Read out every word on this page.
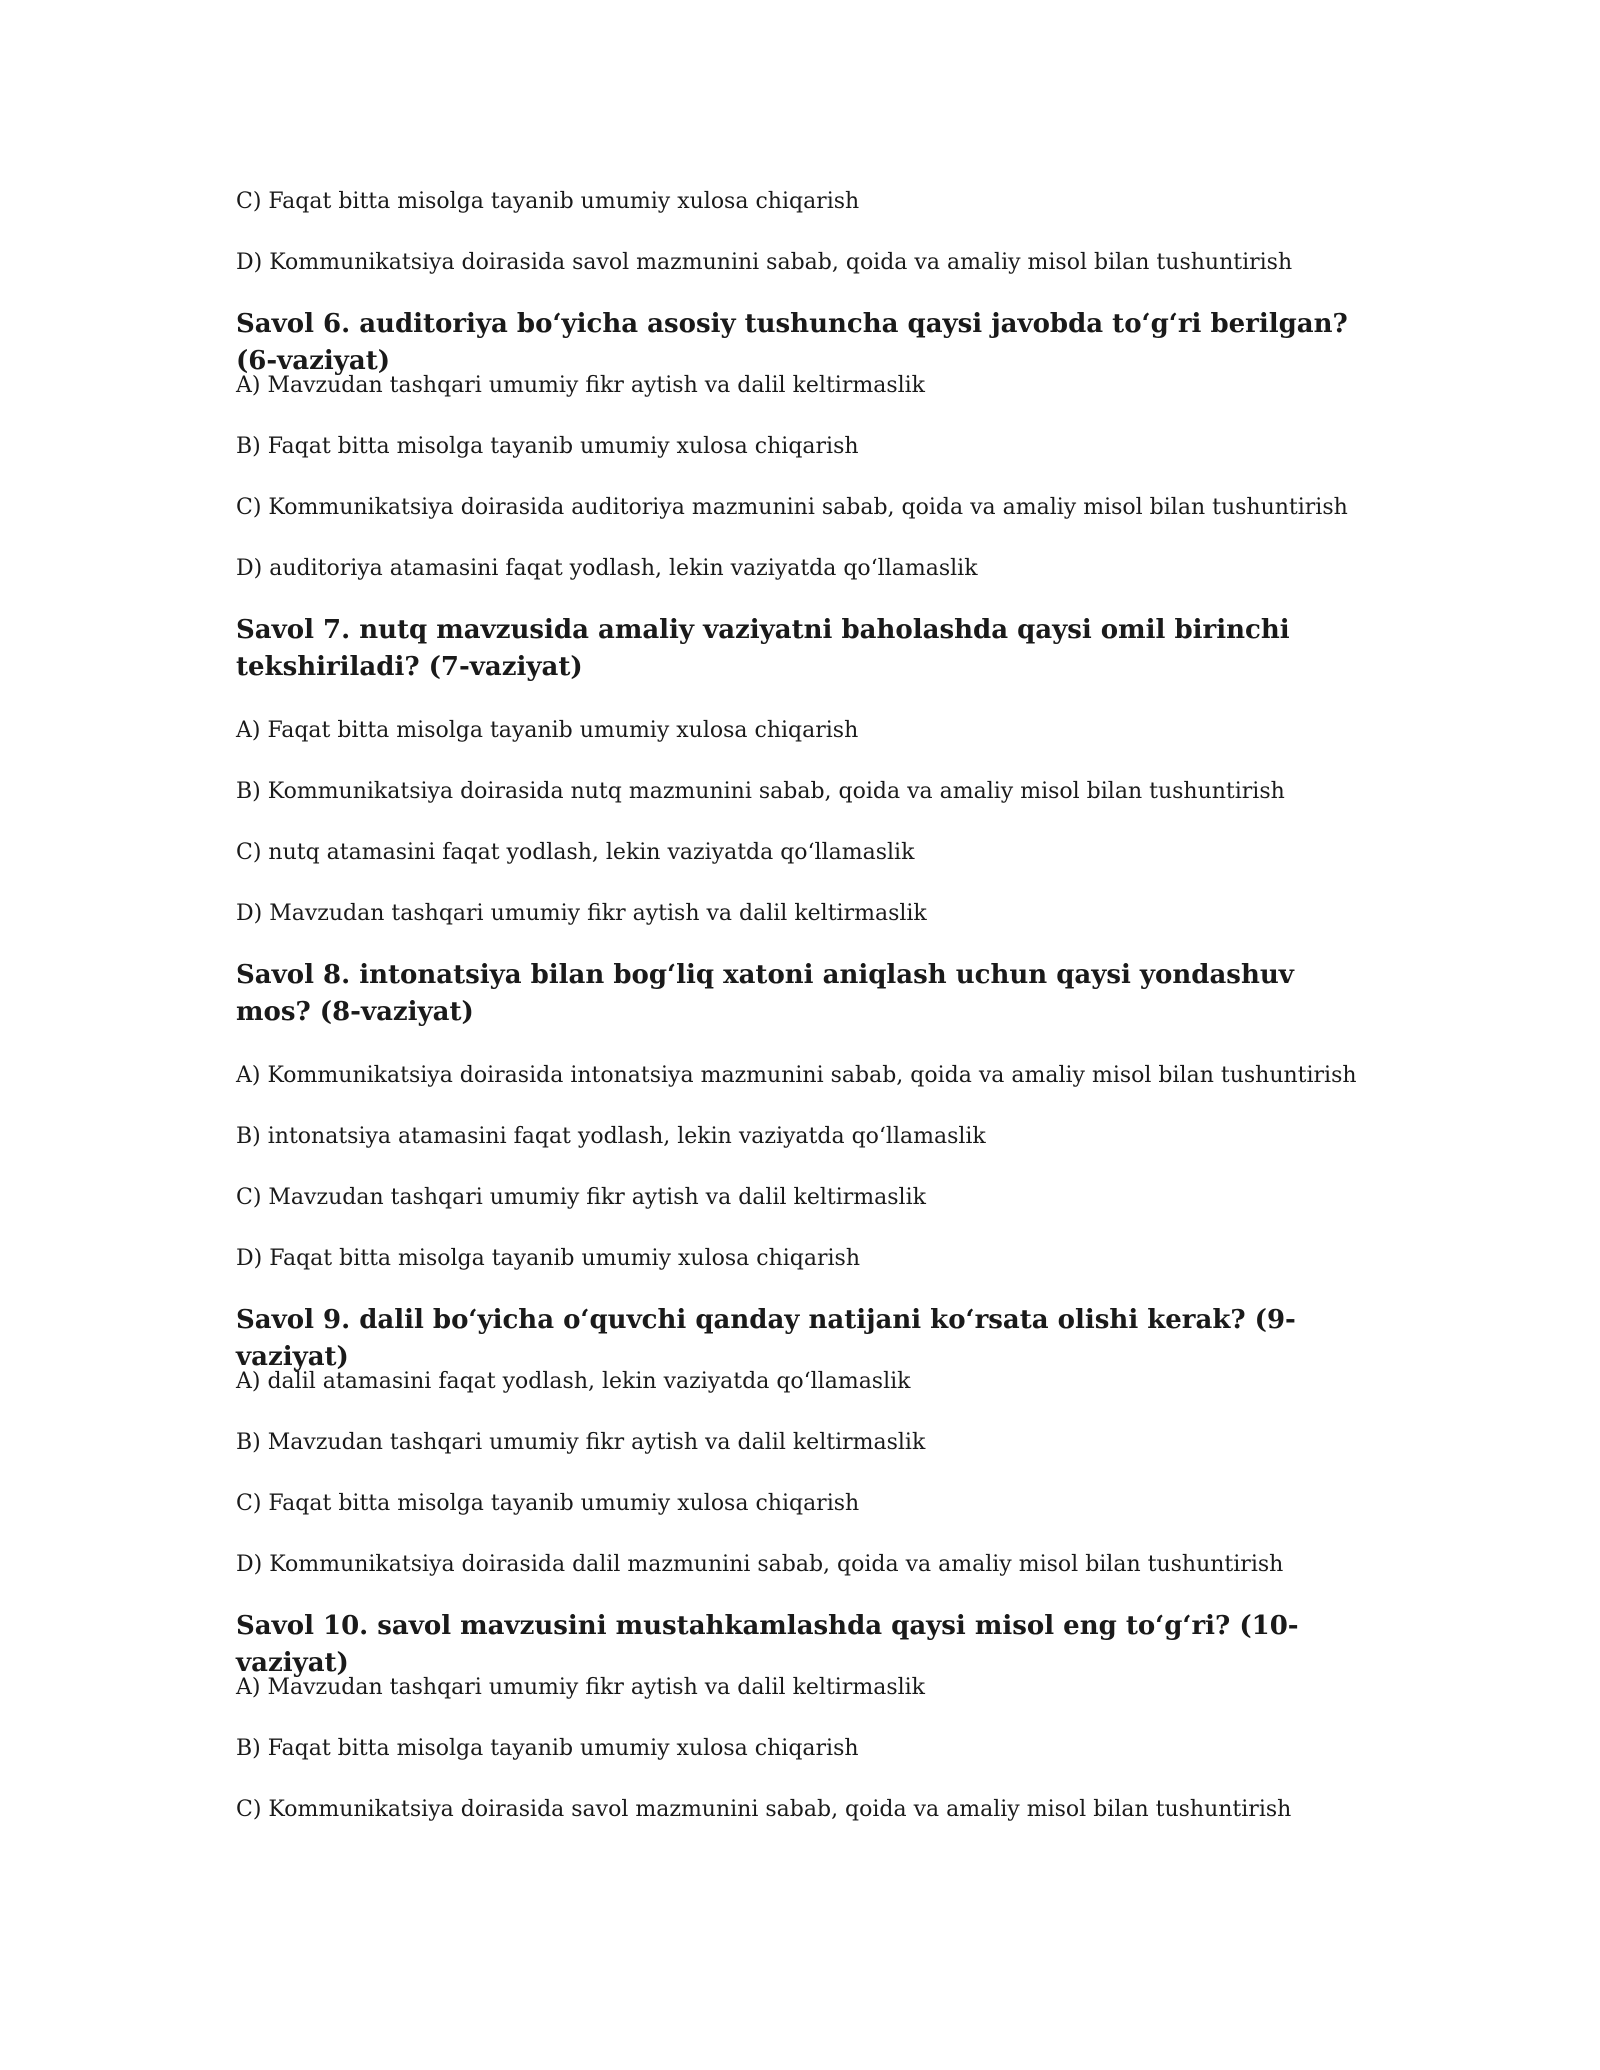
C) Faqat bitta misolga tayanib umumiy xulosa chiqarish
D) Kommunikatsiya doirasida savol mazmunini sabab, qoida va amaliy misol bilan tushuntirish
Savol 6. auditoriya bo‘yicha asosiy tushuncha qaysi javobda to‘g‘ri berilgan? (6-vaziyat)
A) Mavzudan tashqari umumiy fikr aytish va dalil keltirmaslik
B) Faqat bitta misolga tayanib umumiy xulosa chiqarish
C) Kommunikatsiya doirasida auditoriya mazmunini sabab, qoida va amaliy misol bilan tushuntirish
D) auditoriya atamasini faqat yodlash, lekin vaziyatda qo‘llamaslik
Savol 7. nutq mavzusida amaliy vaziyatni baholashda qaysi omil birinchi tekshiriladi? (7-vaziyat)
A) Faqat bitta misolga tayanib umumiy xulosa chiqarish
B) Kommunikatsiya doirasida nutq mazmunini sabab, qoida va amaliy misol bilan tushuntirish
C) nutq atamasini faqat yodlash, lekin vaziyatda qo‘llamaslik
D) Mavzudan tashqari umumiy fikr aytish va dalil keltirmaslik
Savol 8. intonatsiya bilan bog‘liq xatoni aniqlash uchun qaysi yondashuv mos? (8-vaziyat)
A) Kommunikatsiya doirasida intonatsiya mazmunini sabab, qoida va amaliy misol bilan tushuntirish
B) intonatsiya atamasini faqat yodlash, lekin vaziyatda qo‘llamaslik
C) Mavzudan tashqari umumiy fikr aytish va dalil keltirmaslik
D) Faqat bitta misolga tayanib umumiy xulosa chiqarish
Savol 9. dalil bo‘yicha o‘quvchi qanday natijani ko‘rsata olishi kerak? (9-vaziyat)
A) dalil atamasini faqat yodlash, lekin vaziyatda qo‘llamaslik
B) Mavzudan tashqari umumiy fikr aytish va dalil keltirmaslik
C) Faqat bitta misolga tayanib umumiy xulosa chiqarish
D) Kommunikatsiya doirasida dalil mazmunini sabab, qoida va amaliy misol bilan tushuntirish
Savol 10. savol mavzusini mustahkamlashda qaysi misol eng to‘g‘ri? (10-vaziyat)
A) Mavzudan tashqari umumiy fikr aytish va dalil keltirmaslik
B) Faqat bitta misolga tayanib umumiy xulosa chiqarish
C) Kommunikatsiya doirasida savol mazmunini sabab, qoida va amaliy misol bilan tushuntirish
